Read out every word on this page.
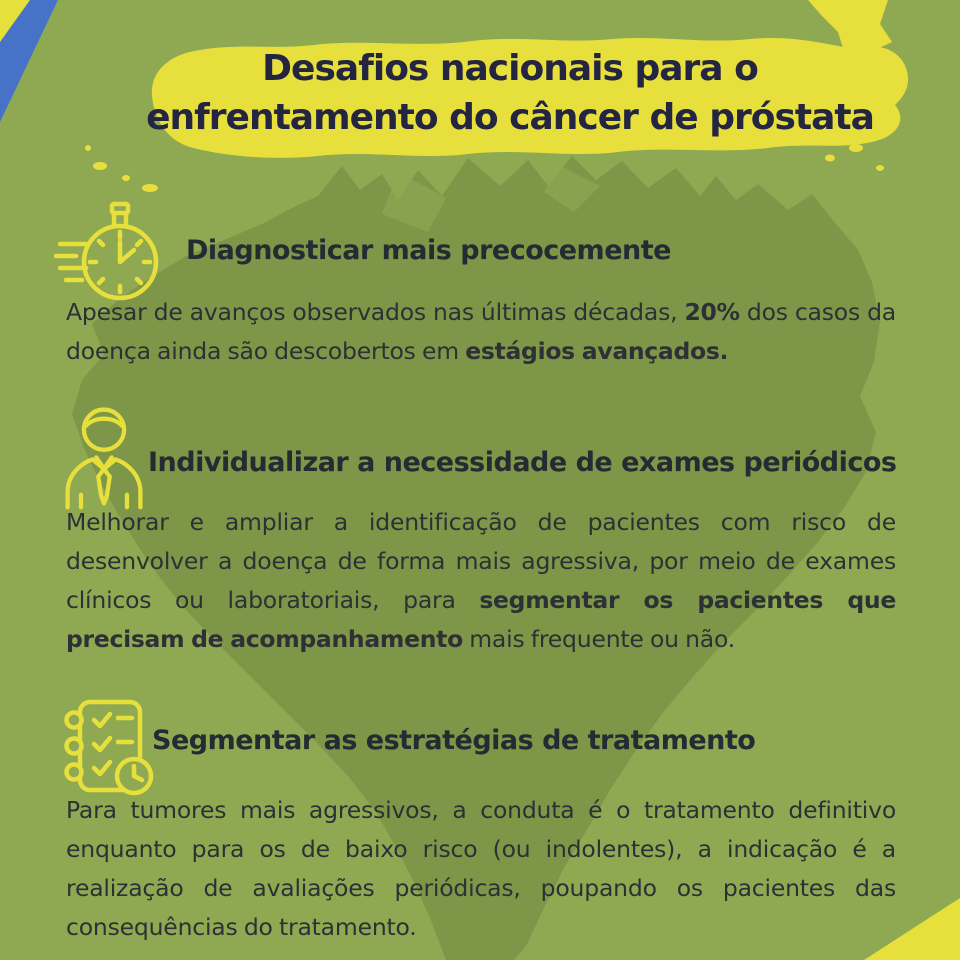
Desafios nacionais para o
enfrentamento do câncer de próstata
Diagnosticar mais precocemente
Apesar de avanços observados nas últimas décadas, 20% dos casos da doença ainda são descobertos em estágios avançados.
Individualizar a necessidade de exames periódicos
Melhorar e ampliar a identificação de pacientes com risco de desenvolver a doença de forma mais agressiva, por meio de exames clínicos ou laboratoriais, para segmentar os pacientes que precisam de acompanhamento mais frequente ou não.
Segmentar as estratégias de tratamento
Para tumores mais agressivos, a conduta é o tratamento definitivo enquanto para os de baixo risco (ou indolentes), a indicação é a realização de avaliações periódicas, poupando os pacientes das consequências do tratamento.
